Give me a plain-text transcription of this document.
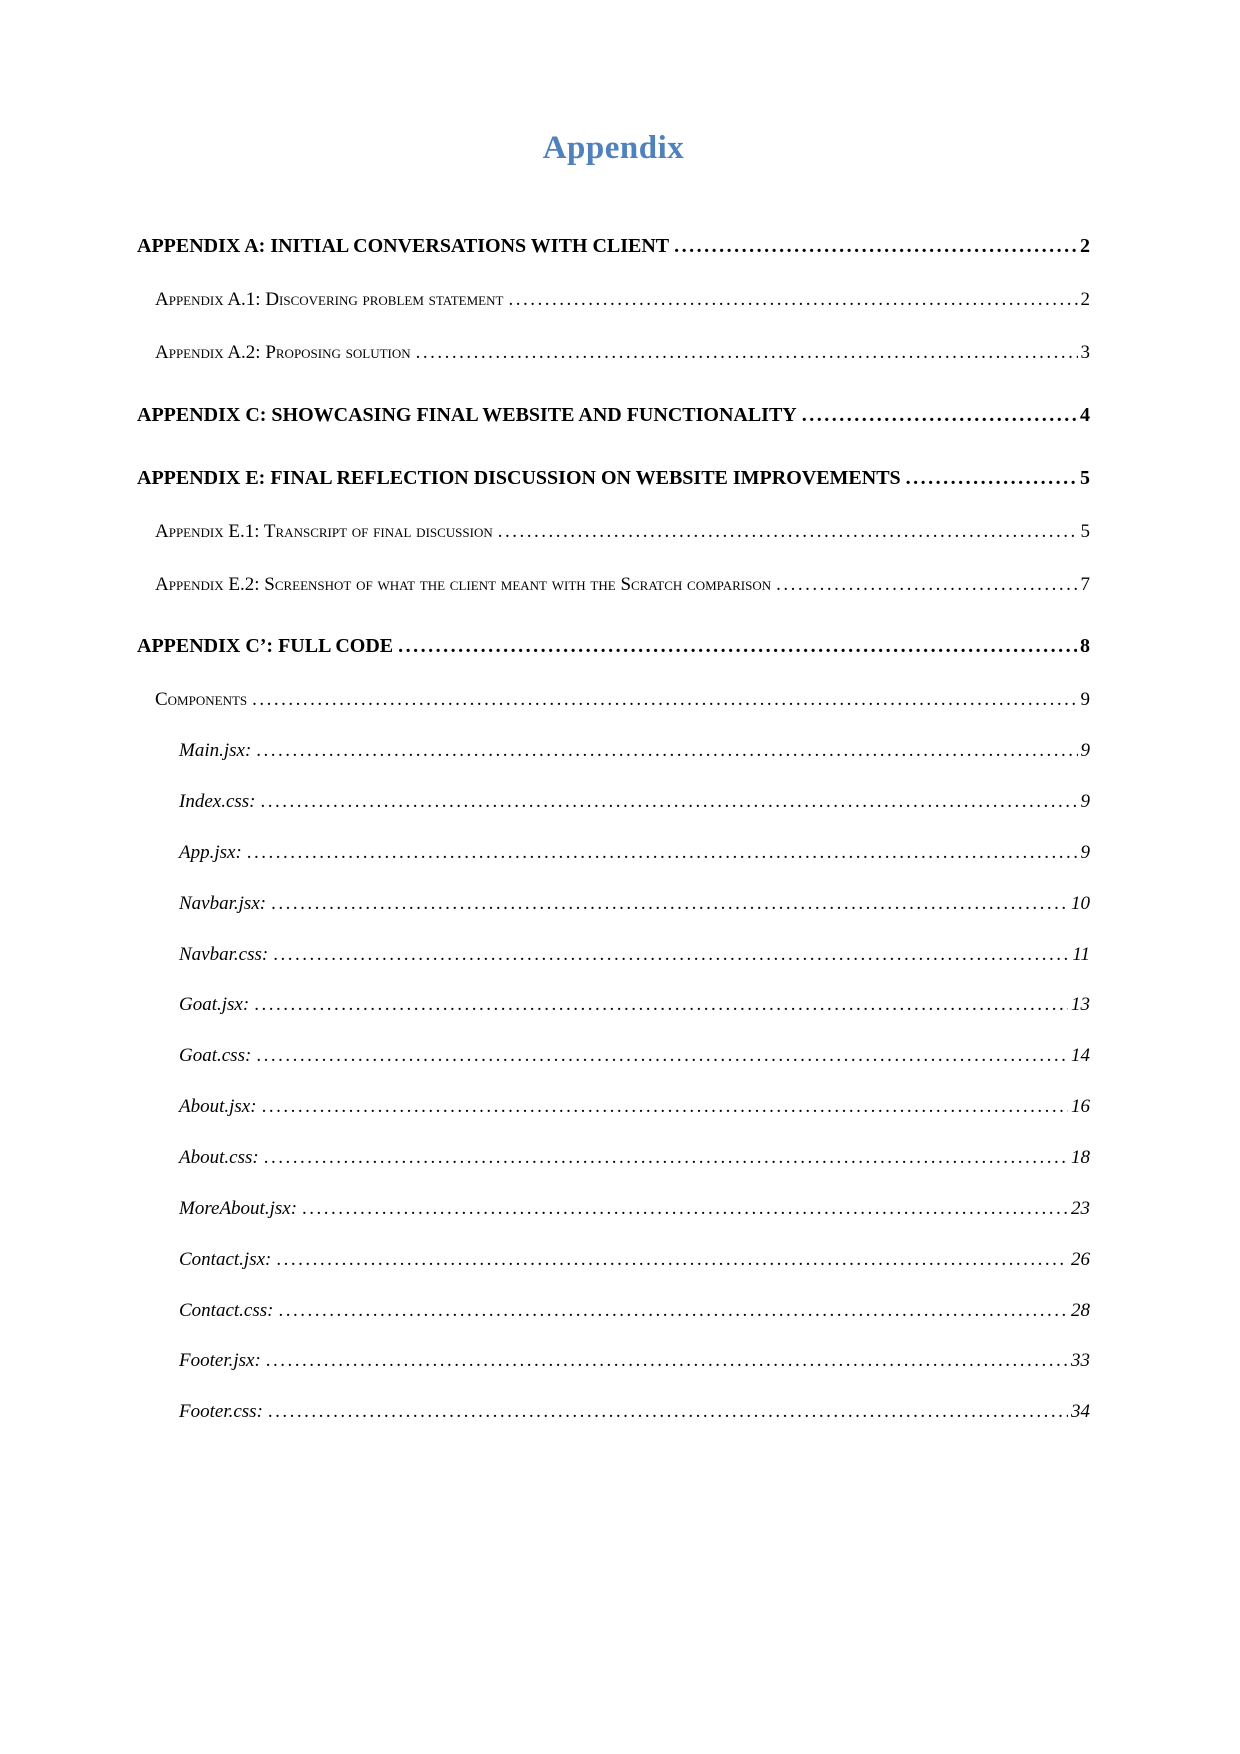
Appendix
APPENDIX A: INITIAL CONVERSATIONS WITH CLIENT .....	2
Appendix A.1: Discovering problem statement .....	2
Appendix A.2: Proposing solution .....	3
APPENDIX C: SHOWCASING FINAL WEBSITE AND FUNCTIONALITY .....	4
APPENDIX E: FINAL REFLECTION DISCUSSION ON WEBSITE IMPROVEMENTS .....	5
Appendix E.1: Transcript of final discussion .....	5
Appendix E.2: Screenshot of what the client meant with the Scratch comparison .....	7
APPENDIX C’: FULL CODE .....	8
Components .....	9
Main.jsx: .....	9
Index.css: .....	9
App.jsx: .....	9
Navbar.jsx: .....	10
Navbar.css: .....	11
Goat.jsx: .....	13
Goat.css: .....	14
About.jsx: .....	16
About.css: .....	18
MoreAbout.jsx: .....	23
Contact.jsx: .....	26
Contact.css: .....	28
Footer.jsx: .....	33
Footer.css: .....	34
